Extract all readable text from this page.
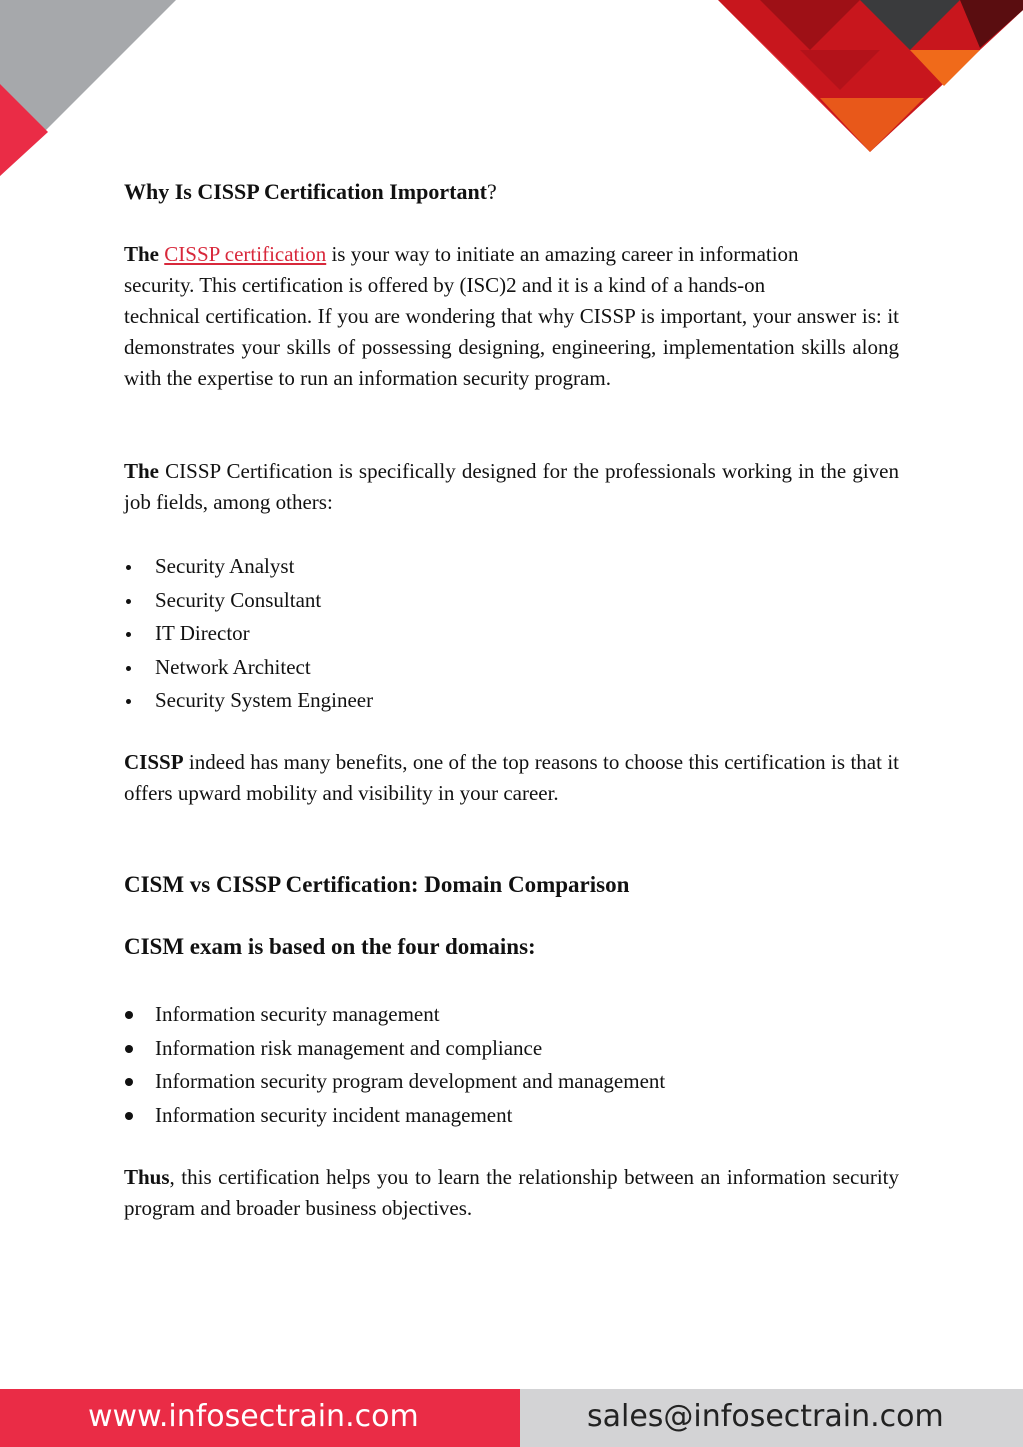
Why Is CISSP Certification Important?
The CISSP certification is your way to initiate an amazing career in information
security. This certification is offered by (ISC)2 and it is a kind of a hands-on
technical certification. If you are wondering that why CISSP is important, your answer is: it demonstrates your skills of possessing designing, engineering, implementation skills along with the expertise to run an information security program.
The CISSP Certification is specifically designed for the professionals working in the given job fields, among others:
Security Analyst
Security Consultant
IT Director
Network Architect
Security System Engineer
CISSP indeed has many benefits, one of the top reasons to choose this certification is that it offers upward mobility and visibility in your career.
CISM vs CISSP Certification: Domain Comparison
CISM exam is based on the four domains:
Information security management
Information risk management and compliance
Information security program development and management
Information security incident management
Thus, this certification helps you to learn the relationship between an information security program and broader business objectives.
www.infosectrain.com	sales@infosectrain.com
